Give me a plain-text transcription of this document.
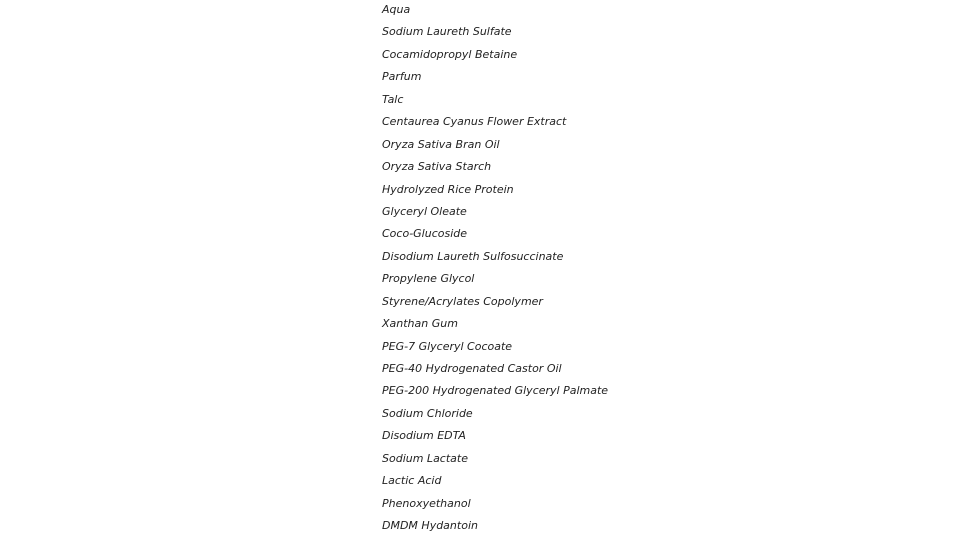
Aqua
Sodium Laureth Sulfate
Cocamidopropyl Betaine
Parfum
Talc
Centaurea Cyanus Flower Extract
Oryza Sativa Bran Oil
Oryza Sativa Starch
Hydrolyzed Rice Protein
Glyceryl Oleate
Coco-Glucoside
Disodium Laureth Sulfosuccinate
Propylene Glycol
Styrene/Acrylates Copolymer
Xanthan Gum
PEG-7 Glyceryl Cocoate
PEG-40 Hydrogenated Castor Oil
PEG-200 Hydrogenated Glyceryl Palmate
Sodium Chloride
Disodium EDTA
Sodium Lactate
Lactic Acid
Phenoxyethanol
DMDM Hydantoin
